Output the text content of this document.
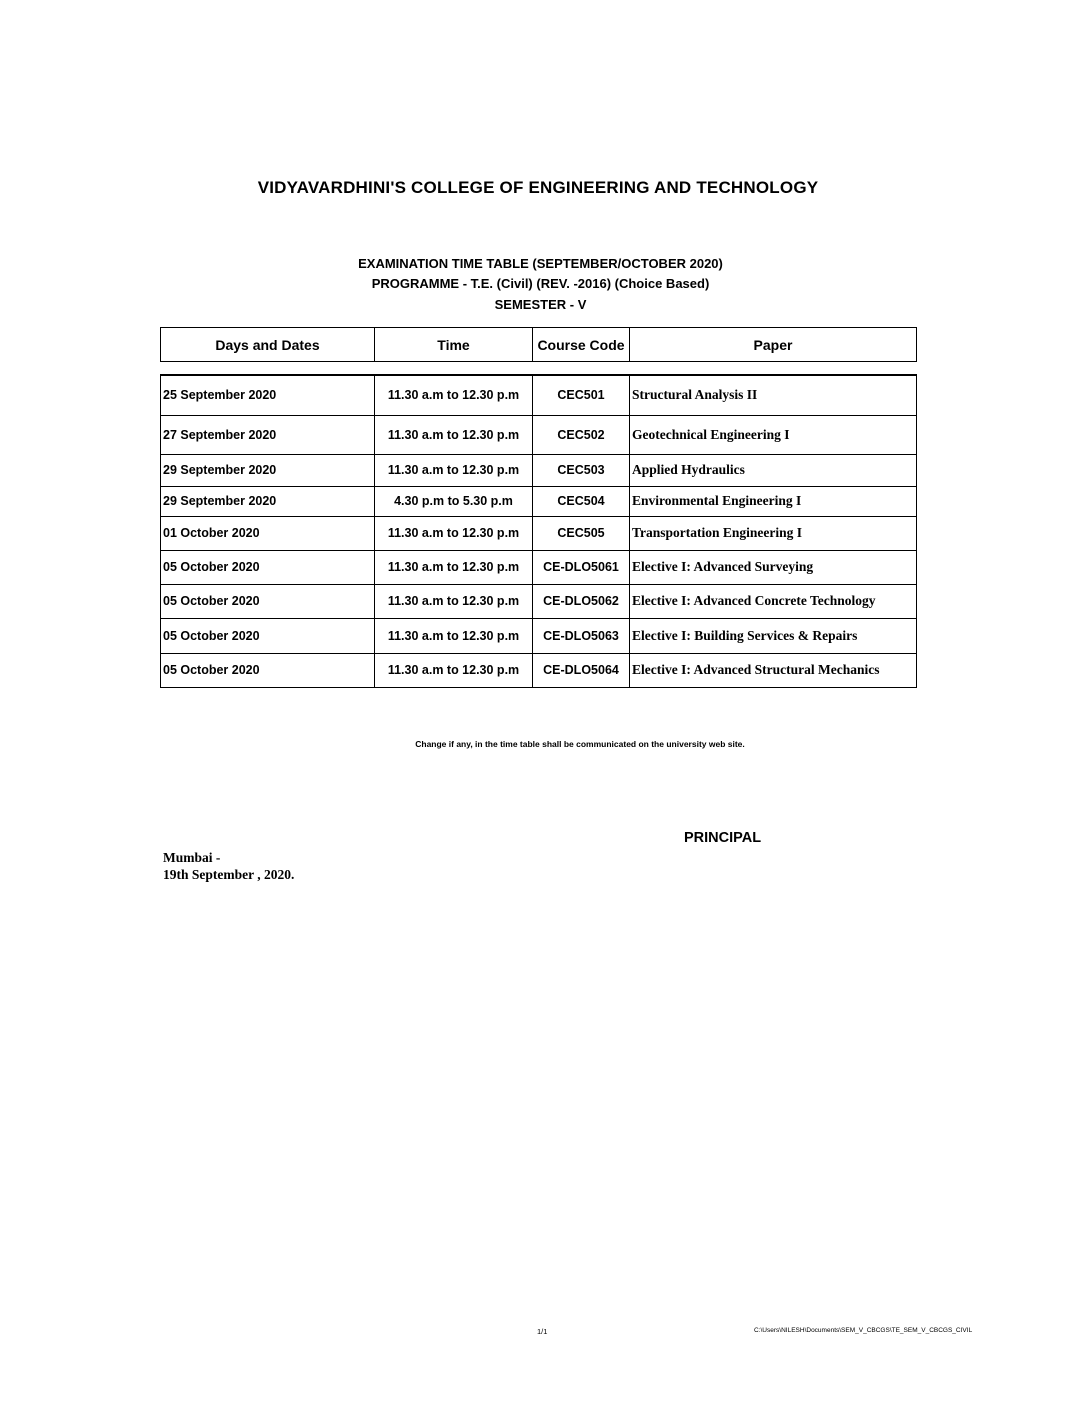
VIDYAVARDHINI'S COLLEGE OF ENGINEERING AND TECHNOLOGY
EXAMINATION TIME TABLE (SEPTEMBER/OCTOBER 2020)
PROGRAMME - T.E. (Civil) (REV. -2016) (Choice Based)
SEMESTER - V
Days and Dates	Time	Course Code	Paper
25 September 2020	11.30 a.m to 12.30 p.m	CEC501	Structural Analysis II
27 September 2020	11.30 a.m to 12.30 p.m	CEC502	Geotechnical Engineering I
29 September 2020	11.30 a.m to 12.30 p.m	CEC503	Applied Hydraulics
29 September 2020	4.30 p.m to 5.30 p.m	CEC504	Environmental Engineering I
01 October 2020	11.30 a.m to 12.30 p.m	CEC505	Transportation Engineering I
05 October 2020	11.30 a.m to 12.30 p.m	CE-DLO5061	Elective I: Advanced Surveying
05 October 2020	11.30 a.m to 12.30 p.m	CE-DLO5062	Elective I: Advanced Concrete Technology
05 October 2020	11.30 a.m to 12.30 p.m	CE-DLO5063	Elective I: Building Services & Repairs
05 October 2020	11.30 a.m to 12.30 p.m	CE-DLO5064	Elective I: Advanced Structural Mechanics
Change if any, in the time table shall be communicated on the university web site.
PRINCIPAL
Mumbai -
19th September , 2020.
1/1	C:\Users\NILESH\Documents\SEM_V_CBCGS\TE_SEM_V_CBCGS_CIVIL
